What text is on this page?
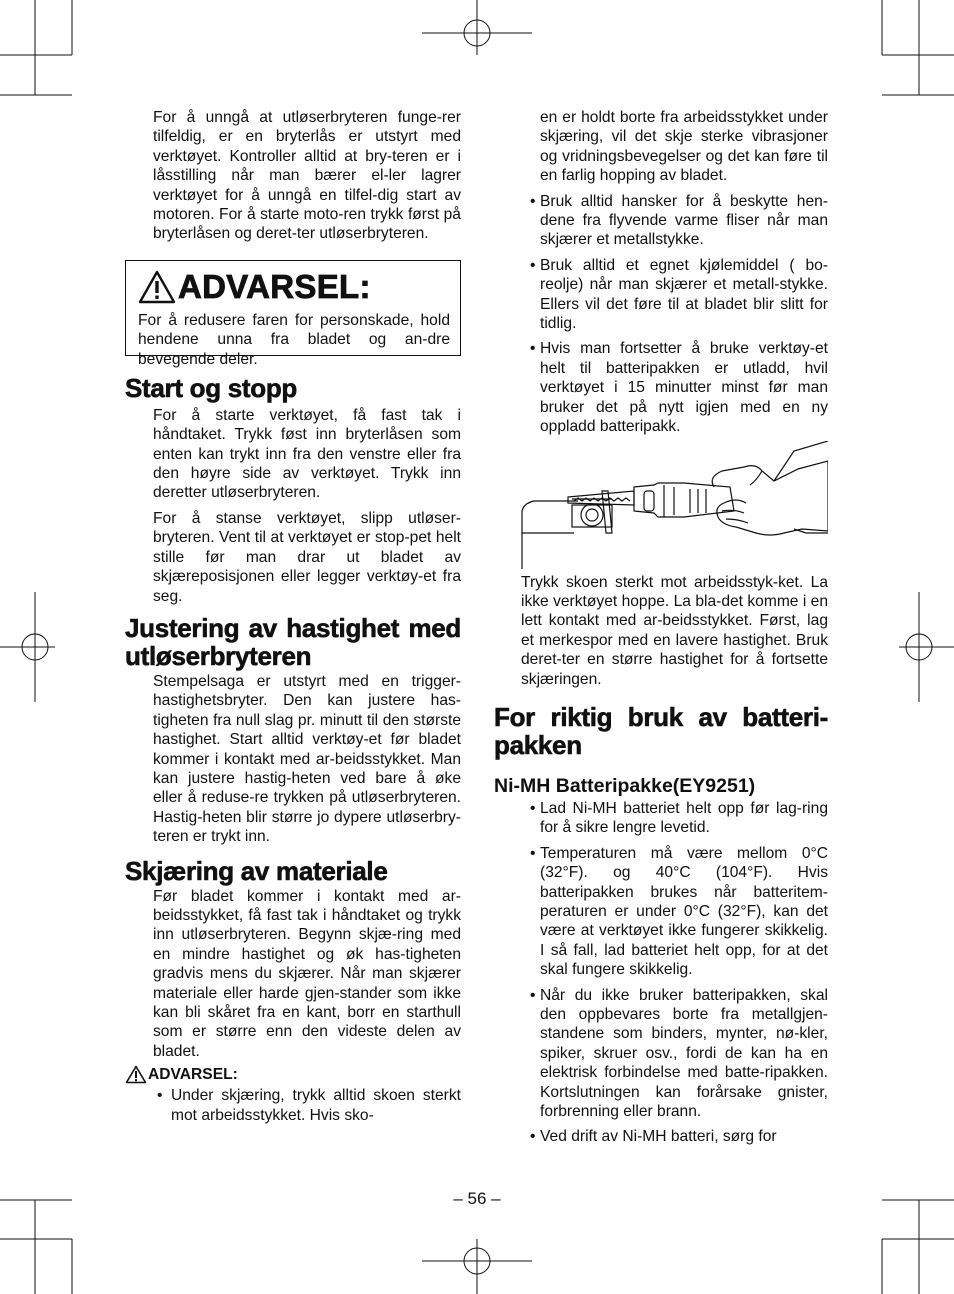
For å unngå at utløserbryteren funge-rer tilfeldig, er en bryterlås er utstyrt med verktøyet. Kontroller alltid at bry-teren er i låsstilling når man bærer el-ler lagrer verktøyet for å unngå en tilfel-dig start av motoren. For å starte moto-ren trykk først på bryterlåsen og deret-ter utløserbryteren.

ADVARSEL:

For å redusere faren for personskade, hold hendene unna fra bladet og an-dre bevegende deler.

Start og stopp

For å starte verktøyet, få fast tak i håndtaket. Trykk føst inn bryterlåsen som enten kan trykt inn fra den venstre eller fra den høyre side av verktøyet. Trykk inn deretter utløserbryteren.

For å stanse verktøyet, slipp utløser-bryteren. Vent til at verktøyet er stop-pet helt stille før man drar ut bladet av skjæreposisjonen eller legger verktøy-et fra seg.

Justering av hastighet med utløserbryteren

Stempelsaga er utstyrt med en trigger-hastighetsbryter. Den kan justere has-tigheten fra null slag pr. minutt til den største hastighet. Start alltid verktøy-et før bladet kommer i kontakt med ar-beidsstykket. Man kan justere hastig-heten ved bare å øke eller å reduse-re trykken på utløserbryteren. Hastig-heten blir større jo dypere utløserbry-teren er trykt inn.

Skjæring av materiale

Før bladet kommer i kontakt med ar-beidsstykket, få fast tak i håndtaket og trykk inn utløserbryteren. Begynn skjæ-ring med en mindre hastighet og øk has-tigheten gradvis mens du skjærer. Når man skjærer materiale eller harde gjen-stander som ikke kan bli skåret fra en kant, borr en starthull som er større enn den videste delen av bladet.

ADVARSEL:
• Under skjæring, trykk alltid skoen sterkt mot arbeidsstykket. Hvis sko-

en er holdt borte fra arbeidsstykket under skjæring, vil det skje sterke vibrasjoner og vridningsbevegelser og det kan føre til en farlig hopping av bladet.

• Bruk alltid hansker for å beskytte hen-dene fra flyvende varme fliser når man skjærer et metallstykke.
• Bruk alltid et egnet kjølemiddel ( bo-reolje) når man skjærer et metall-stykke. Ellers vil det føre til at bladet blir slitt for tidlig.
• Hvis man fortsetter å bruke verktøy-et helt til batteripakken er utladd, hvil verktøyet i 15 minutter minst før man bruker det på nytt igjen med en ny oppladd batteripakk.

Trykk skoen sterkt mot arbeidsstyk-ket. La ikke verktøyet hoppe. La bla-det komme i en lett kontakt med ar-beidsstykket. Først, lag et merkespor med en lavere hastighet. Bruk deret-ter en større hastighet for å fortsette skjæringen.

For riktig bruk av batteri-pakken
Ni-MH Batteripakke(EY9251)
• Lad Ni-MH batteriet helt opp før lag-ring for å sikre lengre levetid.
• Temperaturen må være mellom 0°C (32°F). og 40°C (104°F). Hvis batteripakken brukes når batteritem-peraturen er under 0°C (32°F), kan det være at verktøyet ikke fungerer skikkelig. I så fall, lad batteriet helt opp, for at det skal fungere skikkelig.
• Når du ikke bruker batteripakken, skal den oppbevares borte fra metallgjen-standene som binders, mynter, nø-kler, spiker, skruer osv., fordi de kan ha en elektrisk forbindelse med batte-ripakken. Kortslutningen kan forårsake gnister, forbrenning eller brann.
• Ved drift av Ni-MH batteri, sørg for
– 56 –
